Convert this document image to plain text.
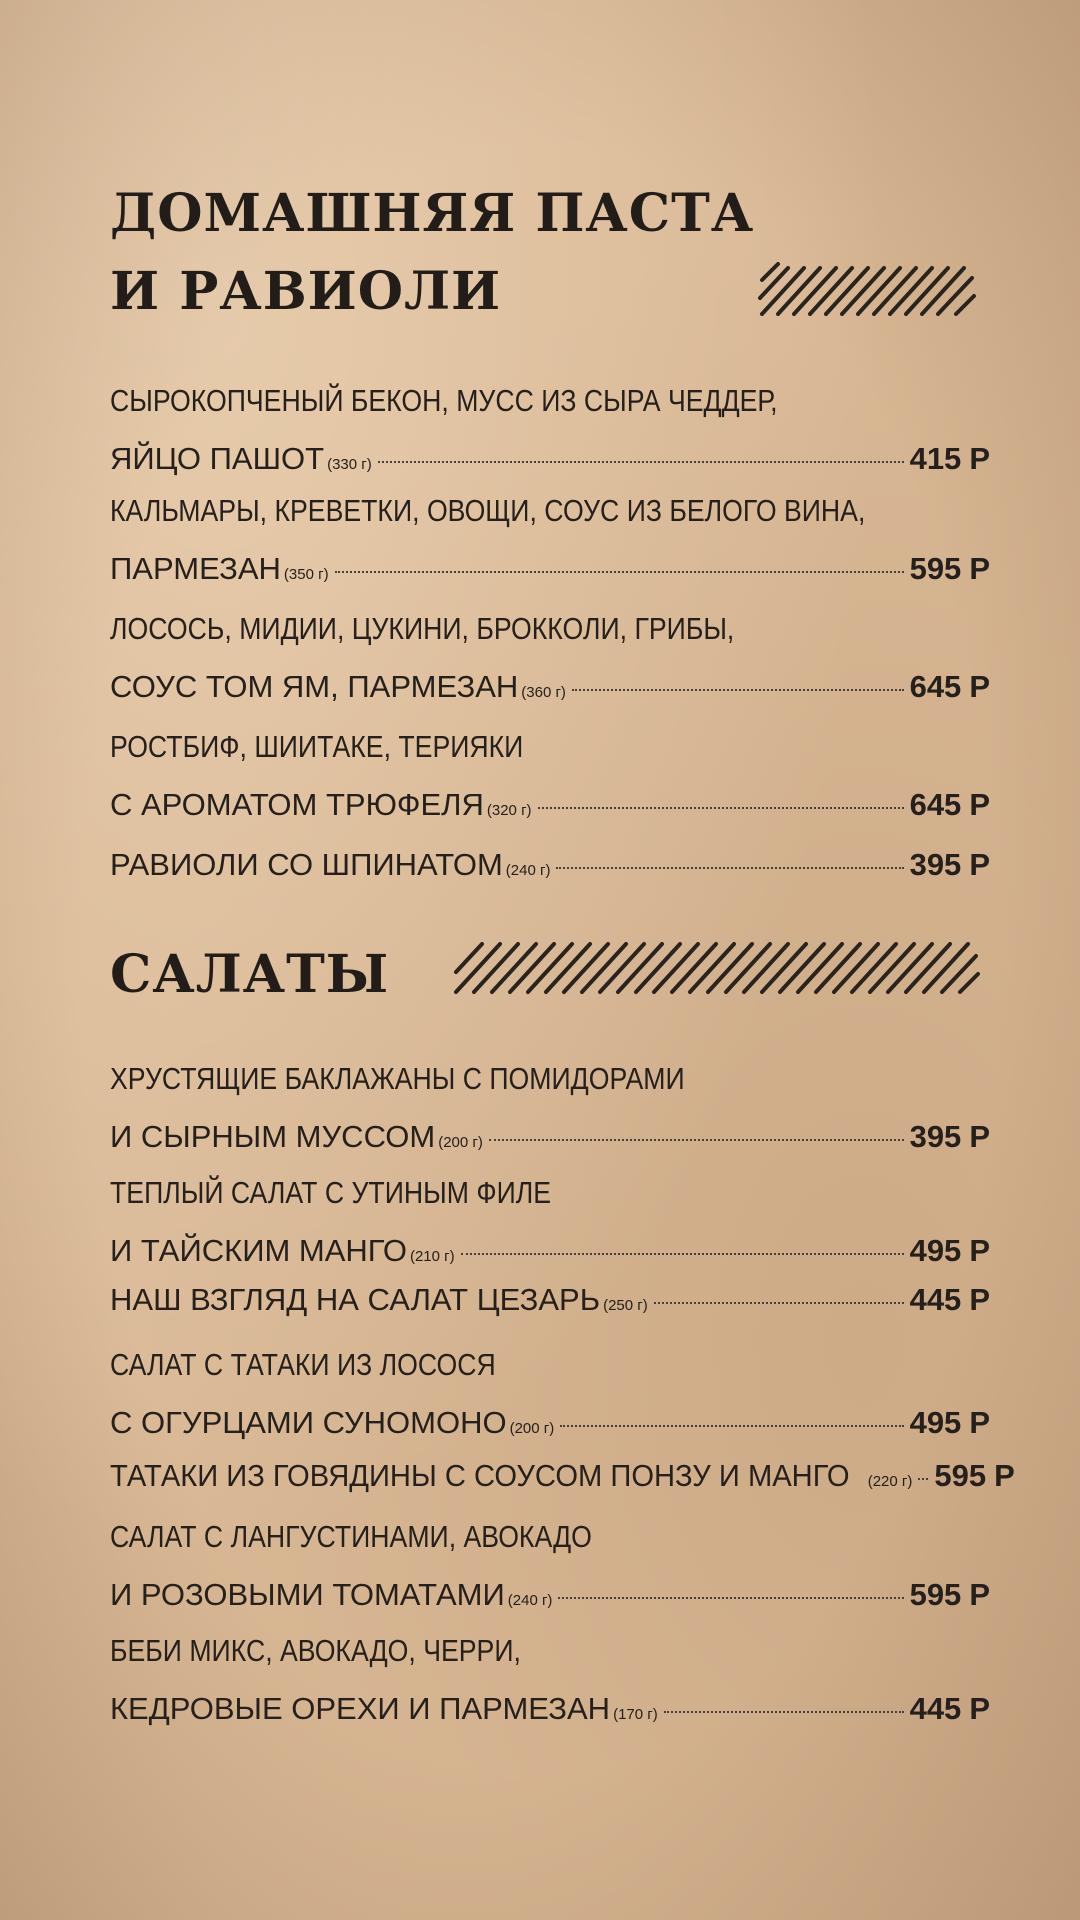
ДОМАШНЯЯ ПАСТА
И РАВИОЛИ
СЫРОКОПЧЕНЫЙ БЕКОН, МУСС ИЗ СЫРА ЧЕДДЕР,
ЯЙЦО ПАШОТ (330 г)	415 Р
КАЛЬМАРЫ, КРЕВЕТКИ, ОВОЩИ, СОУС ИЗ БЕЛОГО ВИНА,
ПАРМЕЗАН (350 г)	595 Р
ЛОСОСЬ, МИДИИ, ЦУКИНИ, БРОККОЛИ, ГРИБЫ,
СОУС ТОМ ЯМ, ПАРМЕЗАН (360 г)	645 Р
РОСТБИФ, ШИИТАКЕ, ТЕРИЯКИ
С АРОМАТОМ ТРЮФЕЛЯ (320 г)	645 Р
РАВИОЛИ СО ШПИНАТОМ (240 г)	395 Р
САЛАТЫ
ХРУСТЯЩИЕ БАКЛАЖАНЫ С ПОМИДОРАМИ
И СЫРНЫМ МУССОМ (200 г)	395 Р
ТЕПЛЫЙ САЛАТ С УТИНЫМ ФИЛЕ
И ТАЙСКИМ МАНГО (210 г)	495 Р
НАШ ВЗГЛЯД НА САЛАТ ЦЕЗАРЬ (250 г)	445 Р
САЛАТ С ТАТАКИ ИЗ ЛОСОСЯ
С ОГУРЦАМИ СУНОМОНО (200 г)	495 Р
ТАТАКИ ИЗ ГОВЯДИНЫ С СОУСОМ ПОНЗУ И МАНГО (220 г) 595 Р
САЛАТ С ЛАНГУСТИНАМИ, АВОКАДО
И РОЗОВЫМИ ТОМАТАМИ (240 г)	595 Р
БЕБИ МИКС, АВОКАДО, ЧЕРРИ,
КЕДРОВЫЕ ОРЕХИ И ПАРМЕЗАН (170 г)	445 Р
